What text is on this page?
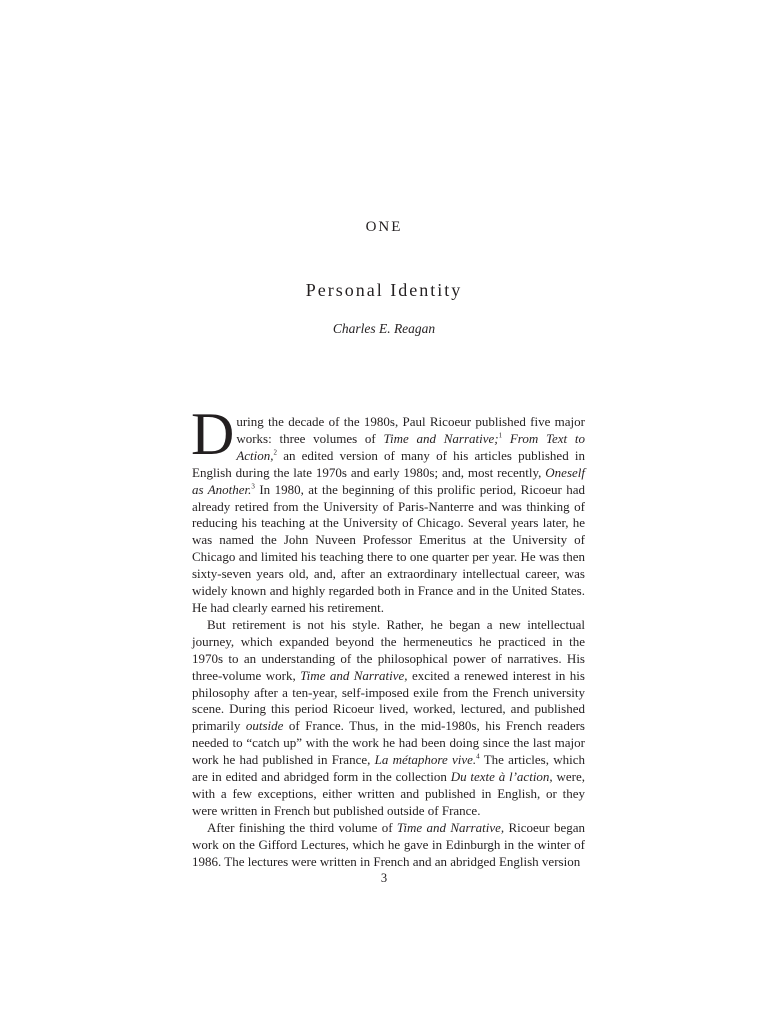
ONE
Personal Identity
Charles E. Reagan

During the decade of the 1980s, Paul Ricoeur published five major works: three volumes of Time and Narrative;$^1$ From Text to Action,$^2$ an edited version of many of his articles published in English during the late 1970s and early 1980s; and, most recently, Oneself as Another.$^3$ In 1980, at the beginning of this prolific period, Ricoeur had already retired from the University of Paris-Nanterre and was thinking of reducing his teaching at the University of Chicago. Several years later, he was named the John Nuveen Professor Emeritus at the University of Chicago and limited his teaching there to one quarter per year. He was then sixty-seven years old, and, after an extraordinary intellectual career, was widely known and highly regarded both in France and in the United States. He had clearly earned his retirement.

But retirement is not his style. Rather, he began a new intellectual journey, which expanded beyond the hermeneutics he practiced in the 1970s to an understanding of the philosophical power of narratives. His three-volume work, Time and Narrative, excited a renewed interest in his philosophy after a ten-year, self-imposed exile from the French university scene. During this period Ricoeur lived, worked, lectured, and published primarily outside of France. Thus, in the mid-1980s, his French readers needed to “catch up” with the work he had been doing since the last major work he had published in France, La métaphore vive.$^4$ The articles, which are in edited and abridged form in the collection Du texte à l’action, were, with a few exceptions, either written and published in English, or they were written in French but published outside of France.

After finishing the third volume of Time and Narrative, Ricoeur began work on the Gifford Lectures, which he gave in Edinburgh in the winter of 1986. The lectures were written in French and an abridged English version

3
